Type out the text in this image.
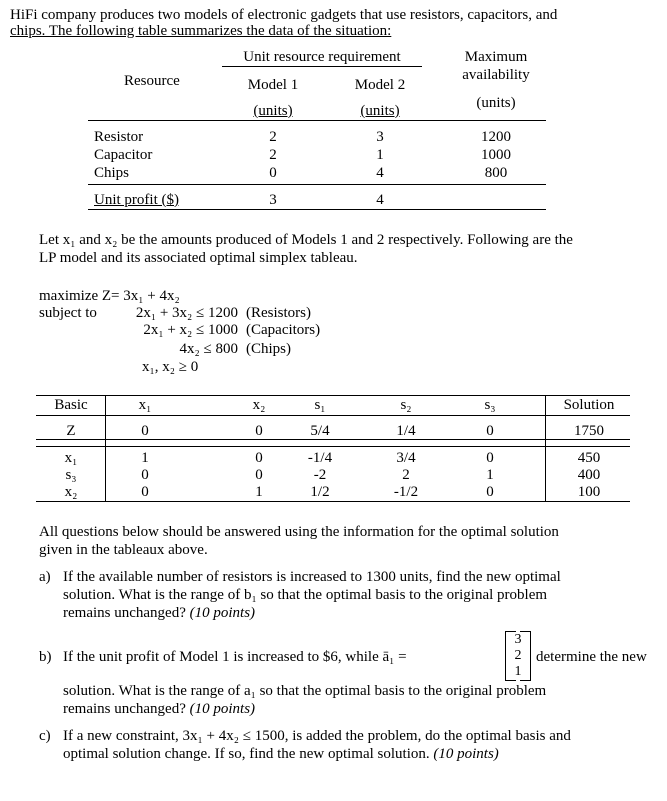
HiFi company produces two models of electronic gadgets that use resistors, capacitors, and
chips. The following table summarizes the data of the situation:
Unit resource requirement
Resource	Model 1	Model 2
Maximum
availability
(units)
(units)	(units)
Resistor	2	3	1200
Capacitor	2	1	1000
Chips	0	4	800
Unit profit ($)	3	4
Let x₁ and x₂ be the amounts produced of Models 1 and 2 respectively. Following are the
LP model and its associated optimal simplex tableau.
maximize Z= 3x₁ + 4x₂
subject to	2x₁ + 3x₂ ≤ 1200 (Resistors)
2x₁ + x₂ ≤ 1000 (Capacitors)
4x₂ ≤ 800 (Chips)
x₁, x₂ ≥ 0
Basic	x₁	x₂	s₁	s₂	s₃	Solution
Z	0	0	5/4	1/4	0	1750
x₁	1	0	-1/4	3/4	0	450
s₃	0	0	-2	2	1	400
x₂	0	1	1/2	-1/2	0	100
All questions below should be answered using the information for the optimal solution
given in the tableaux above.
a) If the available number of resistors is increased to 1300 units, find the new optimal
solution. What is the range of b₁ so that the optimal basis to the original problem
remains unchanged? (10 points)
b) If the unit profit of Model 1 is increased to $6, while ā₁ =
3
2
1
determine the new
solution. What is the range of a₁ so that the optimal basis to the original problem
remains unchanged? (10 points)
c) If a new constraint, 3x₁ + 4x₂ ≤ 1500, is added the problem, do the optimal basis and
optimal solution change. If so, find the new optimal solution. (10 points)
